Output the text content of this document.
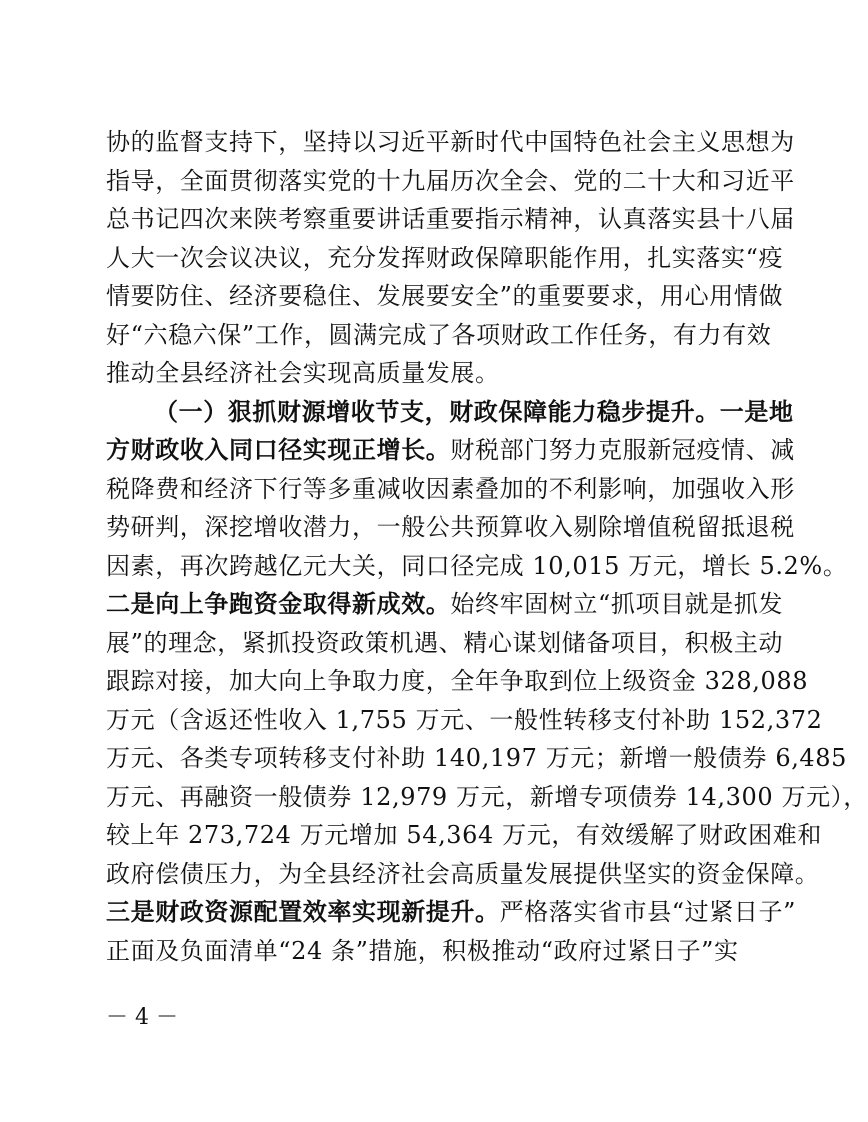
协的监督支持下，坚持以习近平新时代中国特色社会主义思想为
指导，全面贯彻落实党的十九届历次全会、党的二十大和习近平
总书记四次来陕考察重要讲话重要指示精神，认真落实县十八届
人大一次会议决议，充分发挥财政保障职能作用，扎实落实“疫
情要防住、经济要稳住、发展要安全”的重要要求，用心用情做
好“六稳六保”工作，圆满完成了各项财政工作任务，有力有效
推动全县经济社会实现高质量发展。
（一）狠抓财源增收节支，财政保障能力稳步提升。一是地
方财政收入同口径实现正增长。财税部门努力克服新冠疫情、减
税降费和经济下行等多重减收因素叠加的不利影响，加强收入形
势研判，深挖增收潜力，一般公共预算收入剔除增值税留抵退税
因素，再次跨越亿元大关，同口径完成 10,015 万元，增长 5.2%。
二是向上争跑资金取得新成效。始终牢固树立“抓项目就是抓发
展”的理念，紧抓投资政策机遇、精心谋划储备项目，积极主动
跟踪对接，加大向上争取力度，全年争取到位上级资金 328,088
万元（含返还性收入 1,755 万元、一般性转移支付补助 152,372
万元、各类专项转移支付补助 140,197 万元；新增一般债券 6,485
万元、再融资一般债券 12,979 万元，新增专项债券 14,300 万元），
较上年 273,724 万元增加 54,364 万元，有效缓解了财政困难和
政府偿债压力，为全县经济社会高质量发展提供坚实的资金保障。
三是财政资源配置效率实现新提升。严格落实省市县“过紧日子”
正面及负面清单“24 条”措施，积极推动“政府过紧日子”实
－ 4 －
